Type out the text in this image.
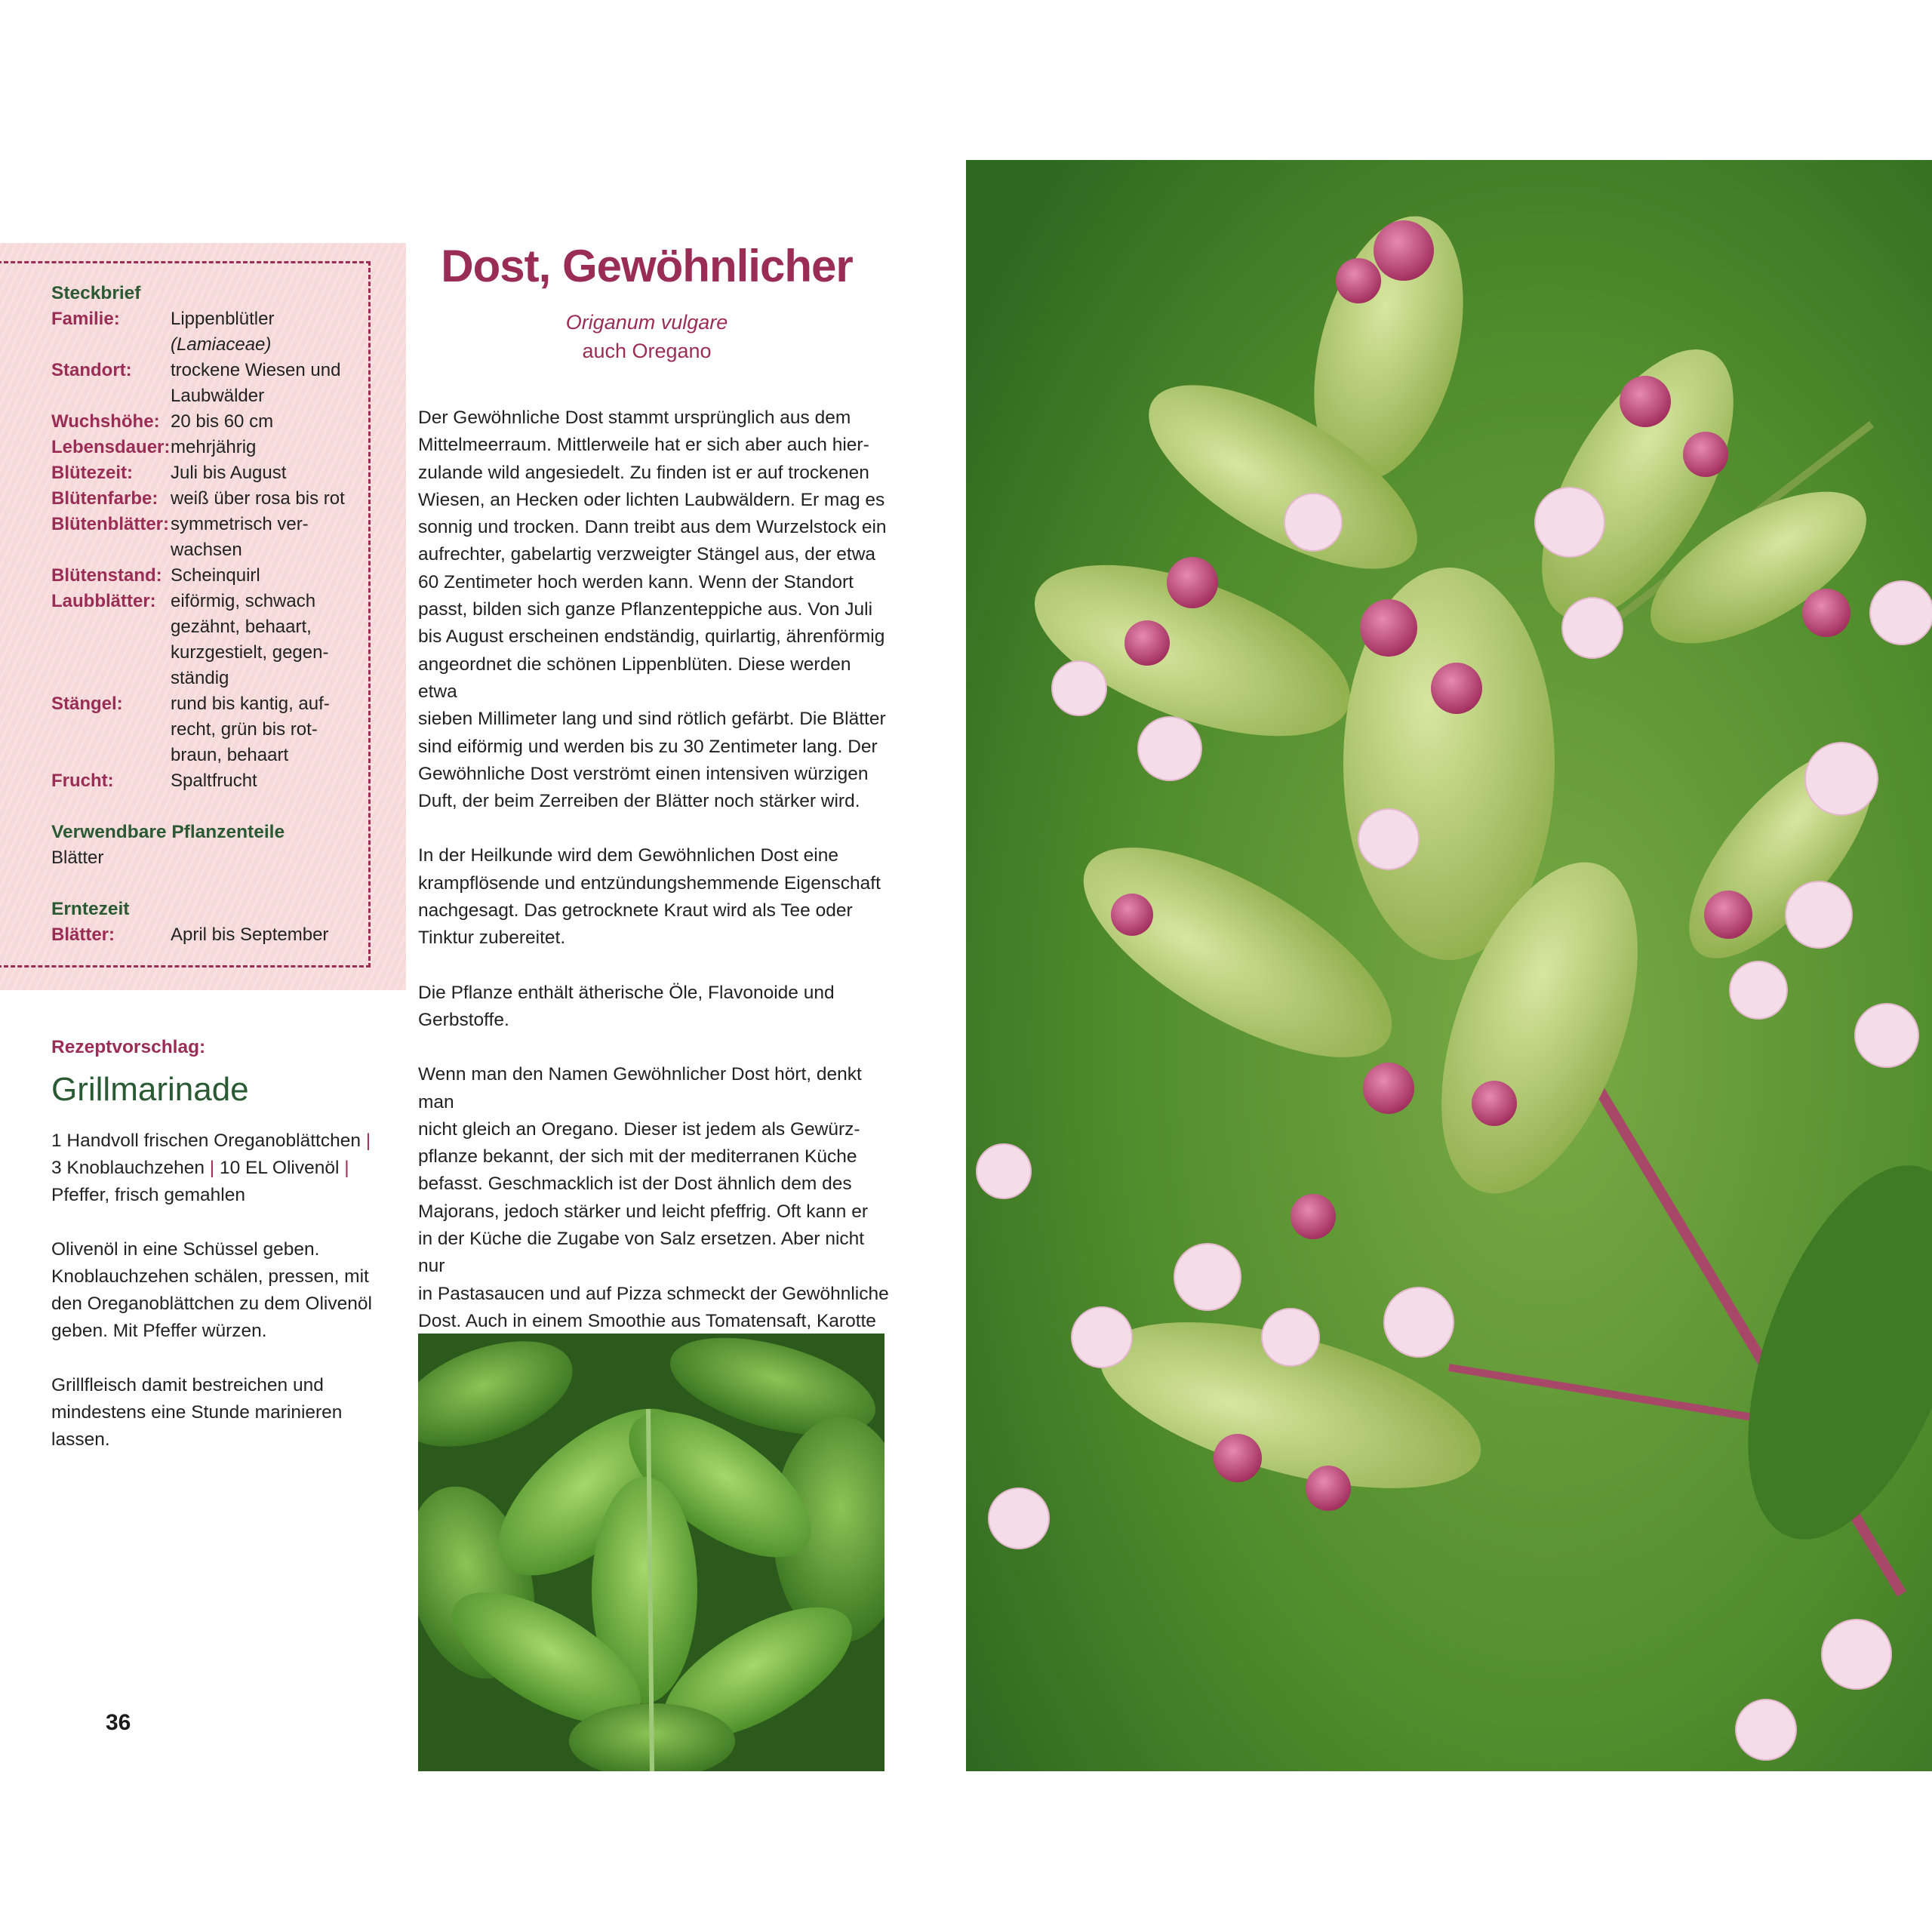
Steckbrief
Familie:	Lippenblütler
(Lamiaceae)
Standort:	trockene Wiesen und
Laubwälder
Wuchshöhe: 20 bis 60 cm
Lebensdauer: mehrjährig
Blütezeit:	Juli bis August
Blütenfarbe: weiß über rosa bis rot
Blütenblätter: symmetrisch ver-
wachsen
Blütenstand: Scheinquirl
Laubblätter: eiförmig, schwach
gezähnt, behaart,
kurzgestielt, gegen-
ständig
Stängel:	rund bis kantig, auf-
recht, grün bis rot-
braun, behaart
Frucht:	Spaltfrucht
Verwendbare Pflanzenteile
Blätter
Erntezeit
Blätter:	April bis September
Rezeptvorschlag:
Grillmarinade

1 Handvoll frischen Oreganoblättchen |
3 Knoblauchzehen | 10 EL Olivenöl |
Pfeffer, frisch gemahlen

Olivenöl in eine Schüssel geben. Knoblauchzehen schälen, pressen, mit den Oreganoblättchen zu dem Olivenöl geben. Mit Pfeffer würzen.

Grillfleisch damit bestreichen und mindestens eine Stunde marinieren lassen.

36
Dost, Gewöhnlicher
Origanum vulgare
auch Oregano

Der Gewöhnliche Dost stammt ursprünglich aus dem
Mittelmeerraum. Mittlerweile hat er sich aber auch hier-
zulande wild angesiedelt. Zu finden ist er auf trockenen
Wiesen, an Hecken oder lichten Laubwäldern. Er mag es
sonnig und trocken. Dann treibt aus dem Wurzelstock ein
aufrechter, gabelartig verzweigter Stängel aus, der etwa
60 Zentimeter hoch werden kann. Wenn der Standort
passt, bilden sich ganze Pflanzenteppiche aus. Von Juli
bis August erscheinen endständig, quirlartig, ährenförmig
angeordnet die schönen Lippenblüten. Diese werden etwa
sieben Millimeter lang und sind rötlich gefärbt. Die Blätter
sind eiförmig und werden bis zu 30 Zentimeter lang. Der
Gewöhnliche Dost verströmt einen intensiven würzigen
Duft, der beim Zerreiben der Blätter noch stärker wird.

In der Heilkunde wird dem Gewöhnlichen Dost eine
krampflösende und entzündungshemmende Eigenschaft
nachgesagt. Das getrocknete Kraut wird als Tee oder
Tinktur zubereitet.

Die Pflanze enthält ätherische Öle, Flavonoide und
Gerbstoffe.

Wenn man den Namen Gewöhnlicher Dost hört, denkt man
nicht gleich an Oregano. Dieser ist jedem als Gewürz-
pflanze bekannt, der sich mit der mediterranen Küche
befasst. Geschmacklich ist der Dost ähnlich dem des
Majorans, jedoch stärker und leicht pfeffrig. Oft kann er
in der Küche die Zugabe von Salz ersetzen. Aber nicht nur
in Pastasaucen und auf Pizza schmeckt der Gewöhnliche
Dost. Auch in einem Smoothie aus Tomatensaft, Karotte
